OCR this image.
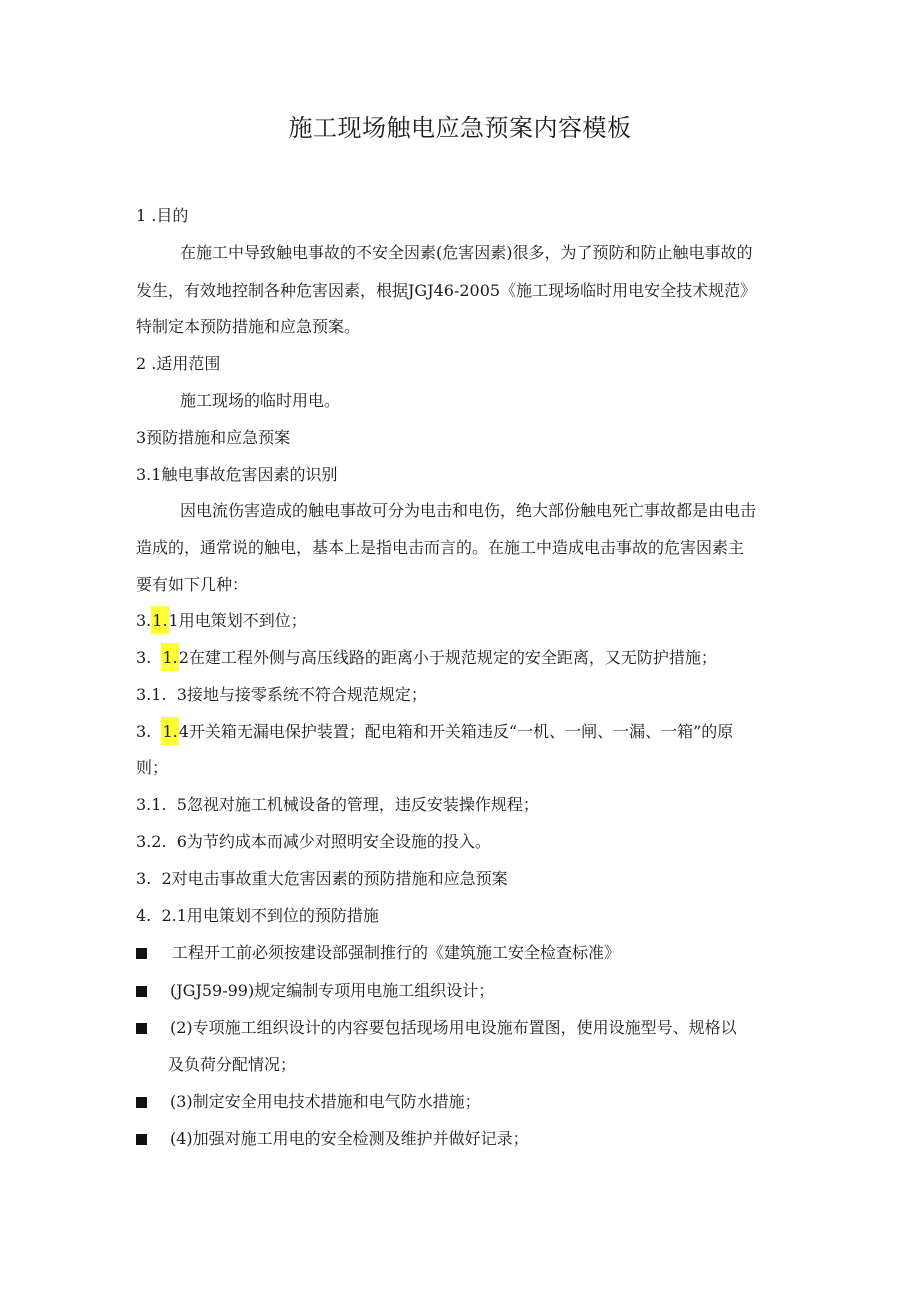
施工现场触电应急预案内容模板
1 .目的
在施工中导致触电事故的不安全因素(危害因素)很多，为了预防和防止触电事故的
发生，有效地控制各种危害因素，根据JGJ46-2005《施工现场临时用电安全技术规范》
特制定本预防措施和应急预案。
2 .适用范围
施工现场的临时用电。
3预防措施和应急预案
3.1触电事故危害因素的识别
因电流伤害造成的触电事故可分为电击和电伤，绝大部份触电死亡事故都是由电击
造成的，通常说的触电，基本上是指电击而言的。在施工中造成电击事故的危害因素主
要有如下几种：
3.1.1用电策划不到位；
3.  1.2在建工程外侧与高压线路的距离小于规范规定的安全距离，又无防护措施；
3.1.  3接地与接零系统不符合规范规定；
3.  1.4开关箱无漏电保护装置；配电箱和开关箱违反“一机、一闸、一漏、一箱”的原
则；
3.1.  5忽视对施工机械设备的管理，违反安装操作规程；
3.2.  6为节约成本而减少对照明安全设施的投入。
3.  2对电击事故重大危害因素的预防措施和应急预案
4.  2.1用电策划不到位的预防措施
工程开工前必须按建设部强制推行的《建筑施工安全检查标准》
(JGJ59-99)规定编制专项用电施工组织设计；
(2)专项施工组织设计的内容要包括现场用电设施布置图，使用设施型号、规格以
及负荷分配情况；
(3)制定安全用电技术措施和电气防水措施；
(4)加强对施工用电的安全检测及维护并做好记录；
